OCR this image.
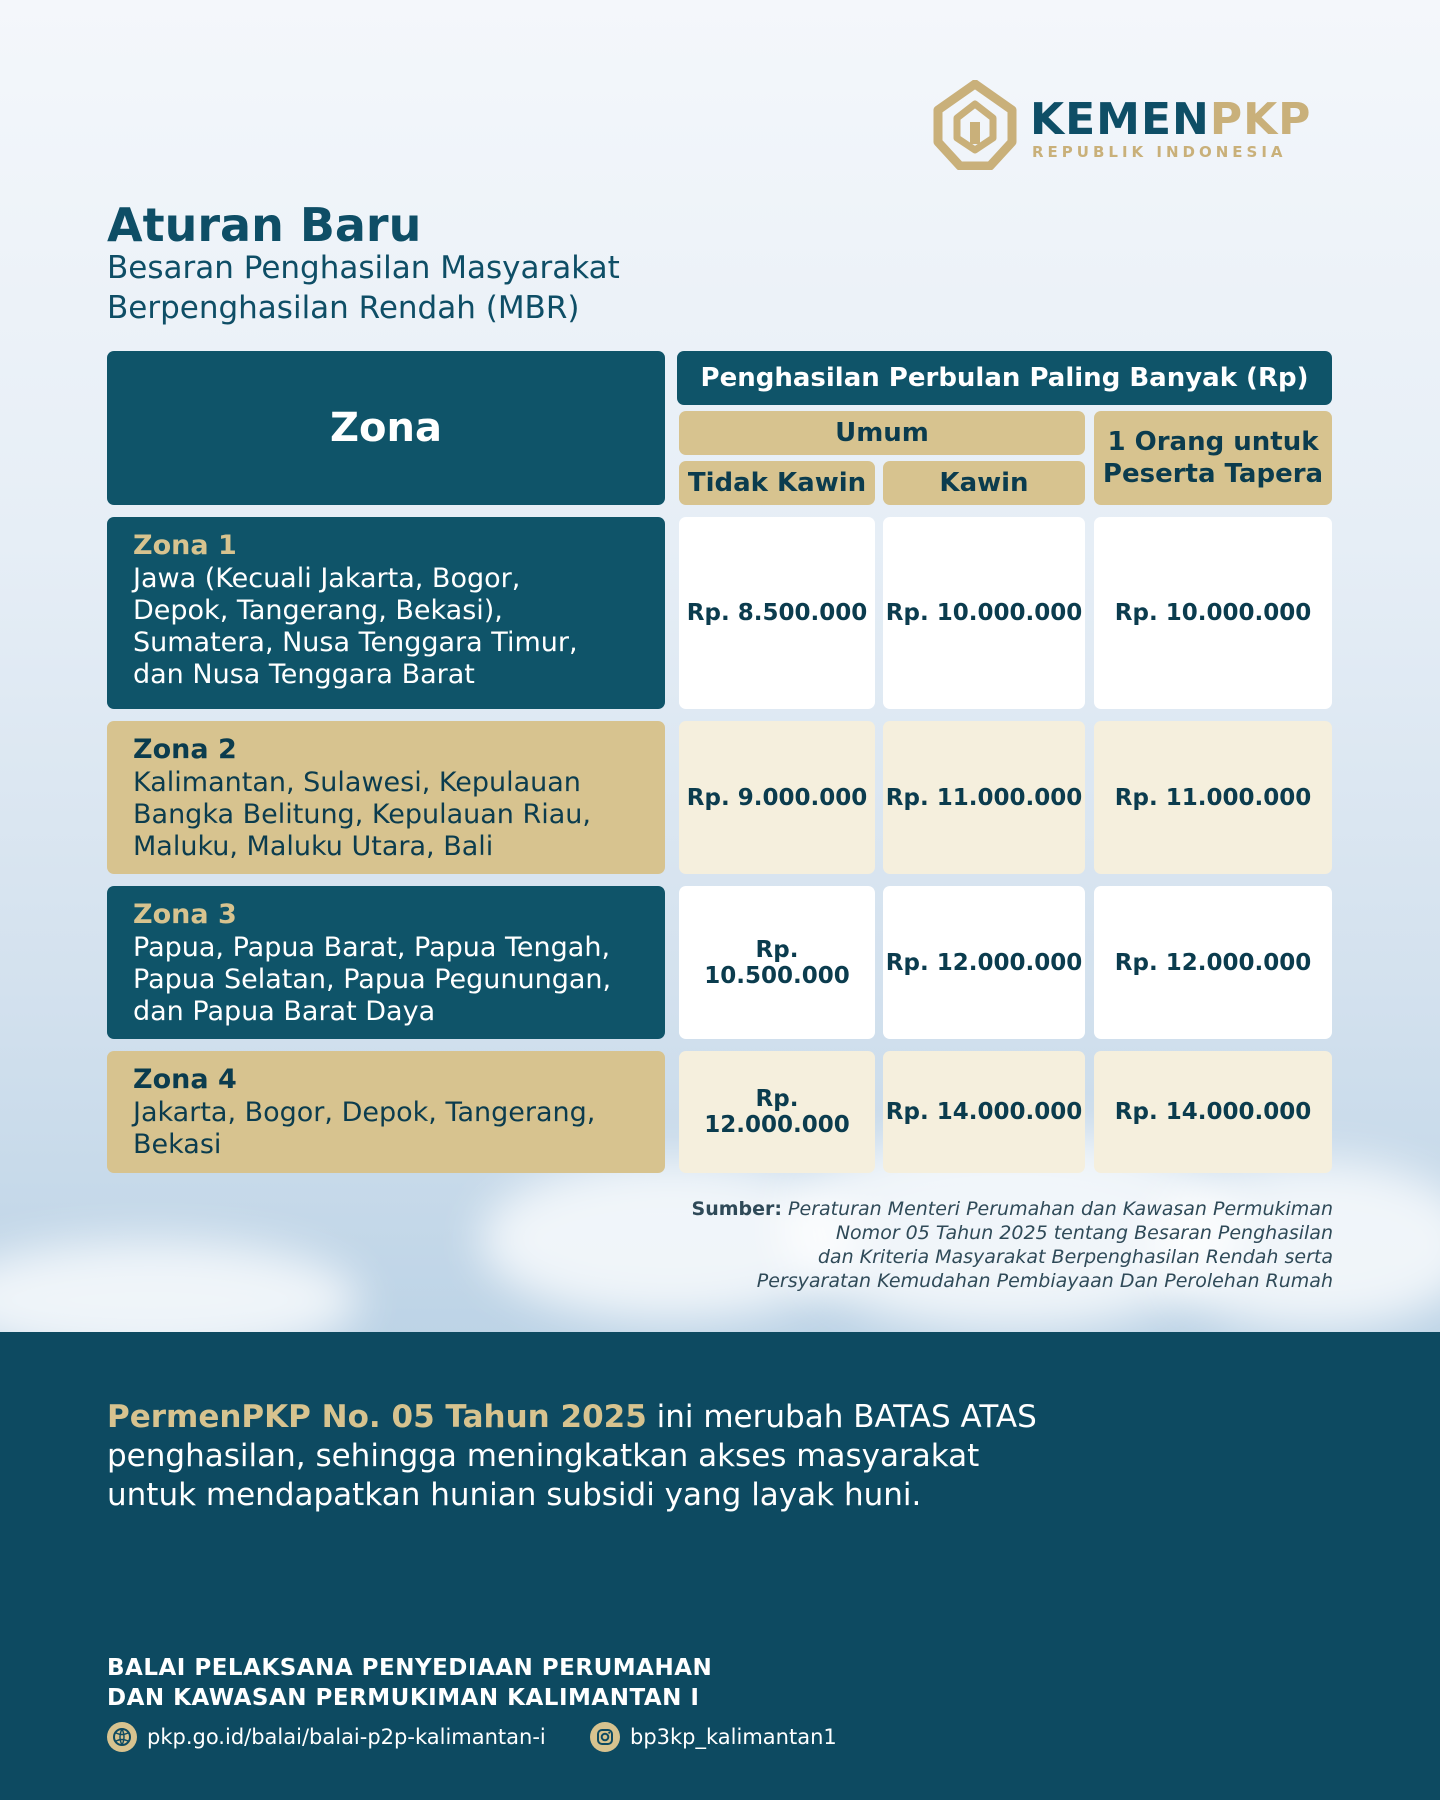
KEMENPKP
REPUBLIK INDONESIA
Aturan Baru
Besaran Penghasilan Masyarakat
Berpenghasilan Rendah (MBR)
Zona
Penghasilan Perbulan Paling Banyak (Rp)
Umum
Tidak Kawin	Kawin
1 Orang untuk
Peserta Tapera
Zona 1
Jawa (Kecuali Jakarta, Bogor,
Depok, Tangerang, Bekasi),
Sumatera, Nusa Tenggara Timur,
dan Nusa Tenggara Barat
Rp. 8.500.000 Rp. 10.000.000	Rp. 10.000.000
Zona 2
Kalimantan, Sulawesi, Kepulauan
Bangka Belitung, Kepulauan Riau,
Maluku, Maluku Utara, Bali
Rp. 9.000.000 Rp. 11.000.000	Rp. 11.000.000
Zona 3
Papua, Papua Barat, Papua Tengah,
Papua Selatan, Papua Pegunungan,
dan Papua Barat Daya
Rp. 10.500.000	Rp. 12.000.000	Rp. 12.000.000
Zona 4
Jakarta, Bogor, Depok, Tangerang,
Bekasi
Rp. 12.000.000	Rp. 14.000.000	Rp. 14.000.000
Sumber: Peraturan Menteri Perumahan dan Kawasan Permukiman
Nomor 05 Tahun 2025 tentang Besaran Penghasilan
dan Kriteria Masyarakat Berpenghasilan Rendah serta
Persyaratan Kemudahan Pembiayaan Dan Perolehan Rumah
PermenPKP No. 05 Tahun 2025 ini merubah BATAS ATAS
penghasilan, sehingga meningkatkan akses masyarakat
untuk mendapatkan hunian subsidi yang layak huni.
BALAI PELAKSANA PENYEDIAAN PERUMAHAN
DAN KAWASAN PERMUKIMAN KALIMANTAN I
pkp.go.id/balai/balai-p2p-kalimantan-i	bp3kp_kalimantan1
